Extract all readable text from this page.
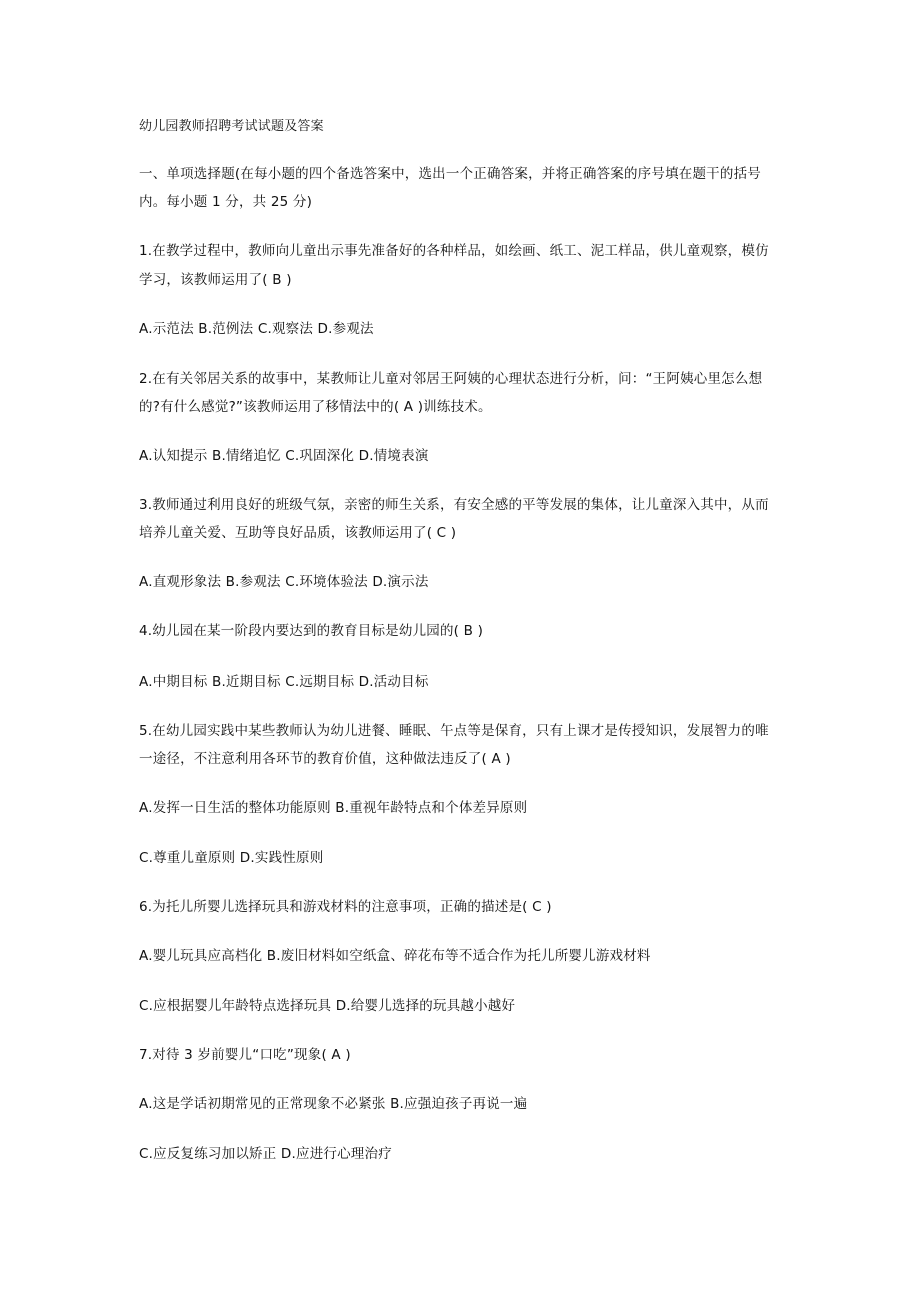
幼儿园教师招聘考试试题及答案
一、单项选择题(在每小题的四个备选答案中，选出一个正确答案，并将正确答案的序号填在题干的括号
内。每小题 1 分，共 25 分)
1.在教学过程中，教师向儿童出示事先准备好的各种样品，如绘画、纸工、泥工样品，供儿童观察，模仿
学习，该教师运用了( B )
A.示范法 B.范例法 C.观察法 D.参观法
2.在有关邻居关系的故事中，某教师让儿童对邻居王阿姨的心理状态进行分析，问：“王阿姨心里怎么想
的?有什么感觉?”该教师运用了移情法中的( A )训练技术。
A.认知提示 B.情绪追忆 C.巩固深化 D.情境表演
3.教师通过利用良好的班级气氛，亲密的师生关系，有安全感的平等发展的集体，让儿童深入其中，从而
培养儿童关爱、互助等良好品质，该教师运用了( C )
A.直观形象法 B.参观法 C.环境体验法 D.演示法
4.幼儿园在某一阶段内要达到的教育目标是幼儿园的( B )
A.中期目标 B.近期目标 C.远期目标 D.活动目标
5.在幼儿园实践中某些教师认为幼儿进餐、睡眠、午点等是保育，只有上课才是传授知识，发展智力的唯
一途径，不注意利用各环节的教育价值，这种做法违反了( A )
A.发挥一日生活的整体功能原则 B.重视年龄特点和个体差异原则
C.尊重儿童原则 D.实践性原则
6.为托儿所婴儿选择玩具和游戏材料的注意事项，正确的描述是( C )
A.婴儿玩具应高档化 B.废旧材料如空纸盒、碎花布等不适合作为托儿所婴儿游戏材料
C.应根据婴儿年龄特点选择玩具 D.给婴儿选择的玩具越小越好
7.对待 3 岁前婴儿“口吃”现象( A )
A.这是学话初期常见的正常现象不必紧张 B.应强迫孩子再说一遍
C.应反复练习加以矫正 D.应进行心理治疗
